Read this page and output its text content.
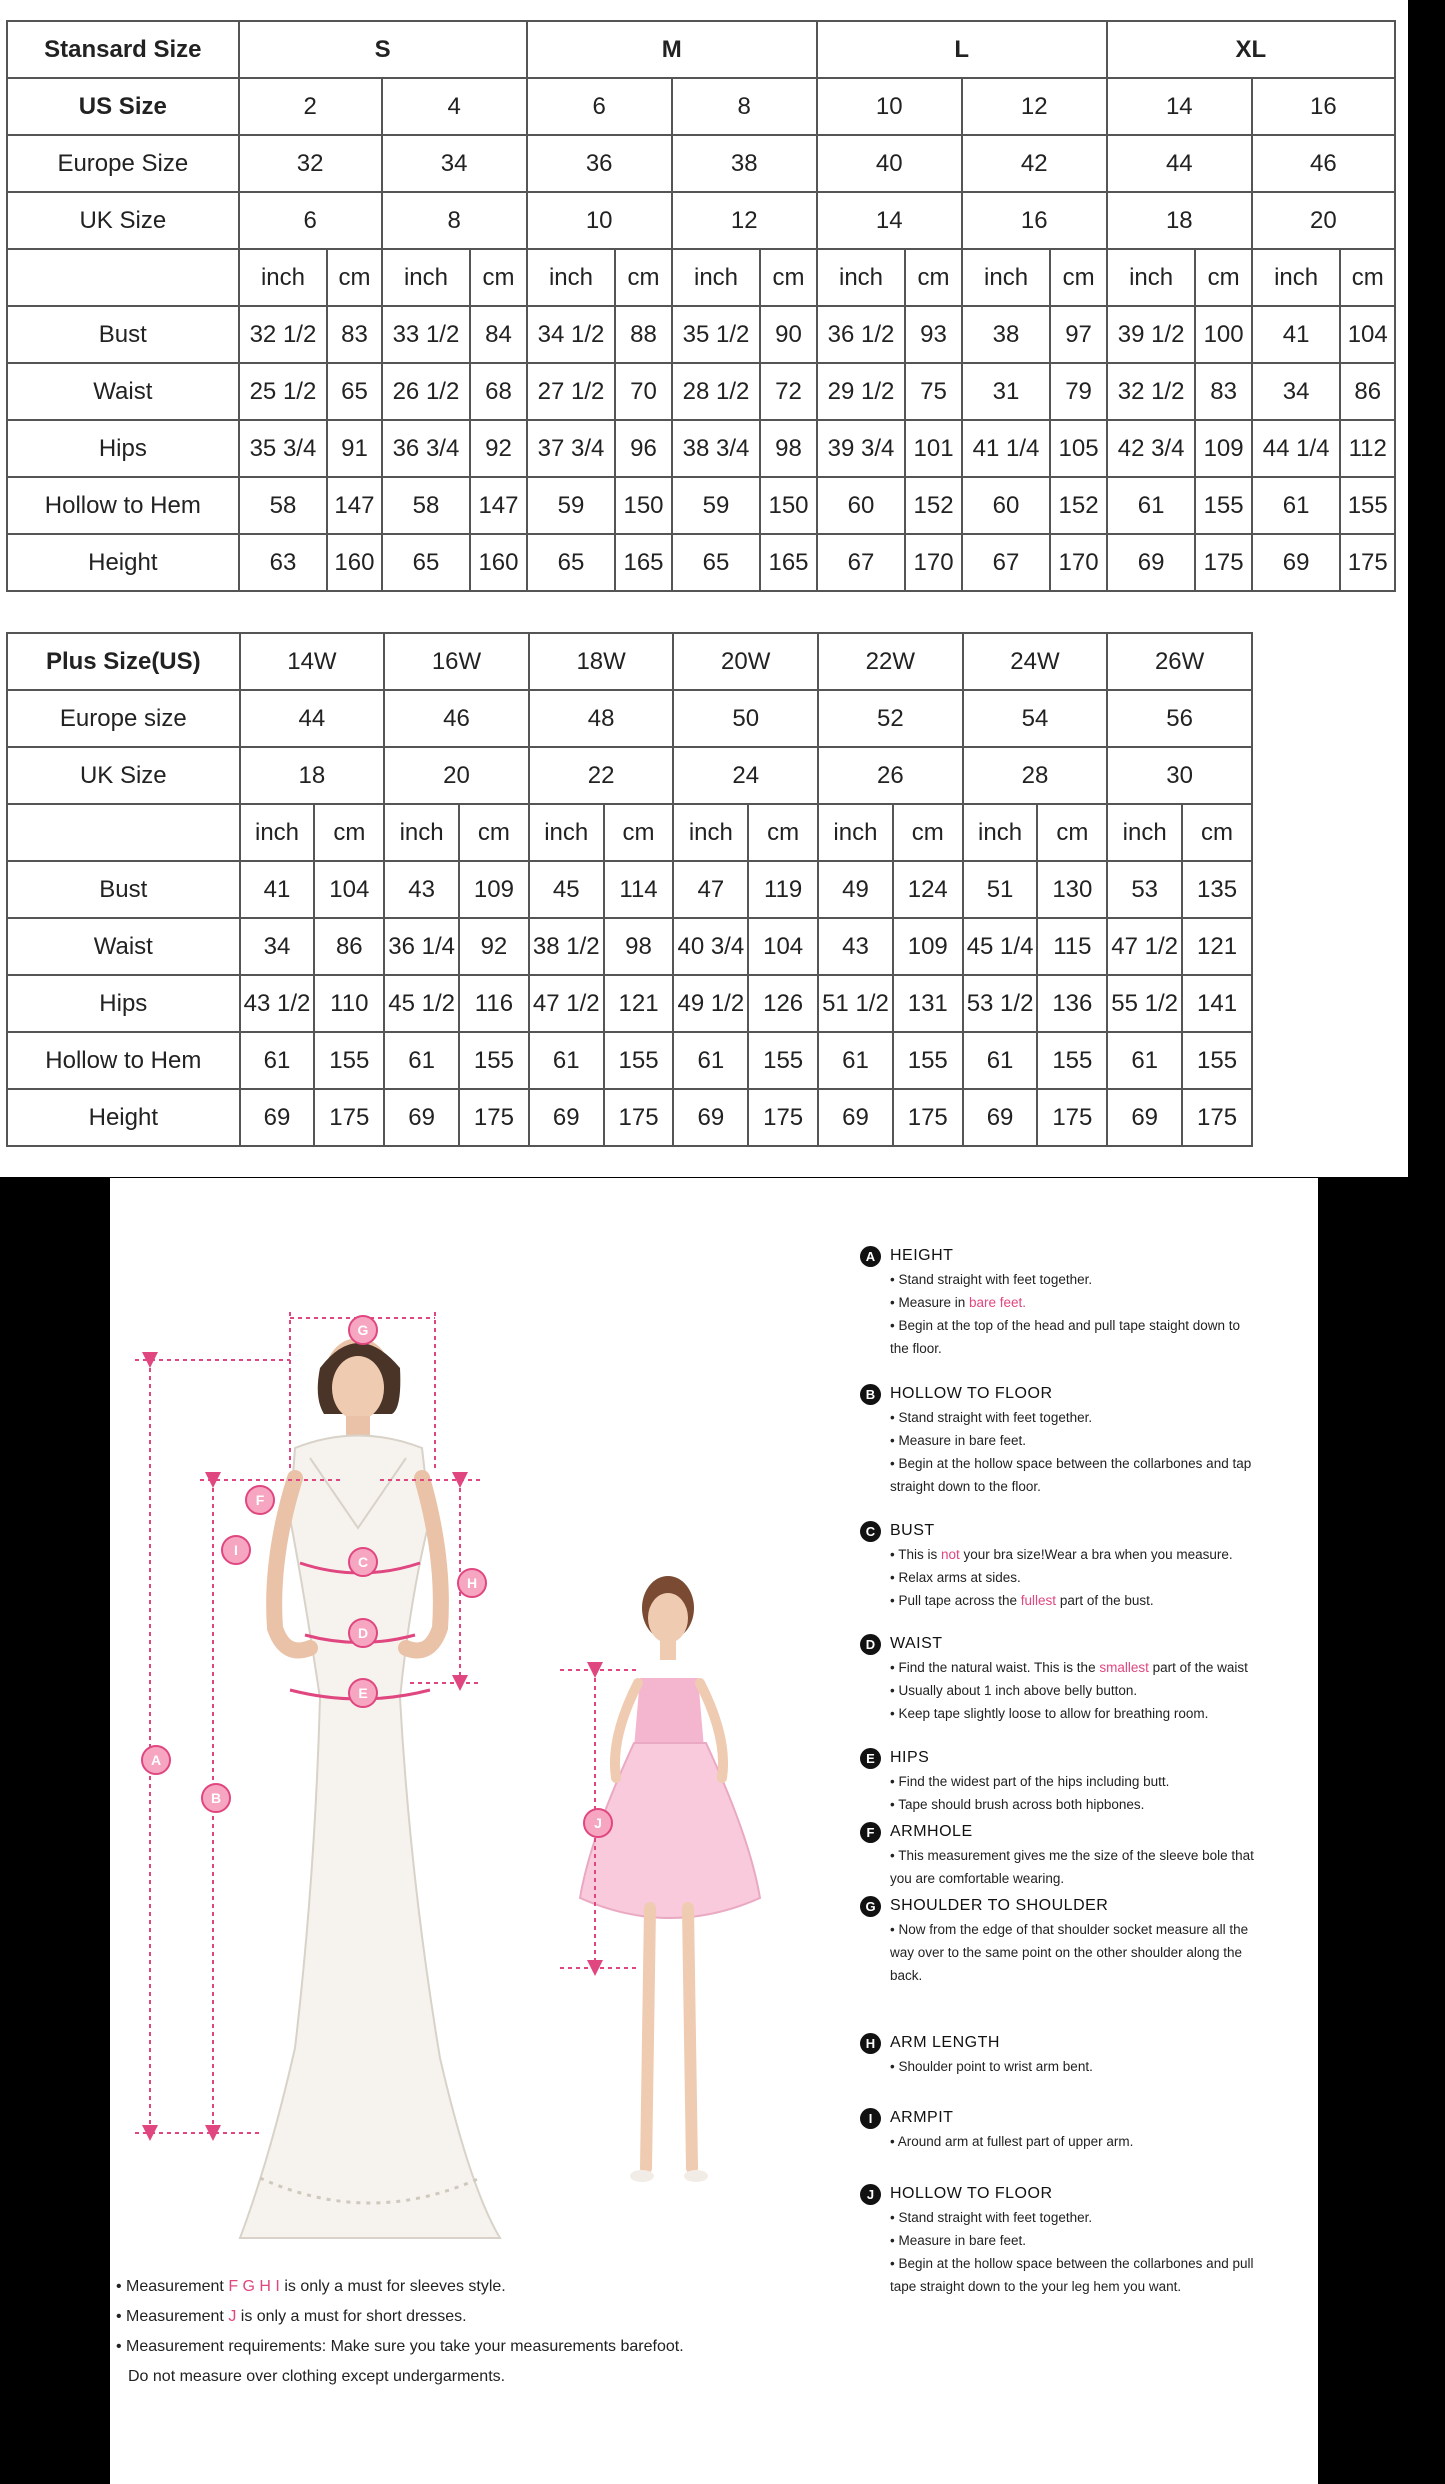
Stansard Size	S				M				L				XL			
US Size	2		4		6		8		10		12		14		16	
Europe Size	32		34		36		38		40		42		44		46	
UK Size	6		8		10		12		14		16		18		20	
	inch	cm	inch	cm	inch	cm	inch	cm	inch	cm	inch	cm	inch	cm	inch	cm
Bust	32 1/2	83	33 1/2	84	34 1/2	88	35 1/2	90	36 1/2	93	38	97	39 1/2	100	41	104
Waist	25 1/2	65	26 1/2	68	27 1/2	70	28 1/2	72	29 1/2	75	31	79	32 1/2	83	34	86
Hips	35 3/4	91	36 3/4	92	37 3/4	96	38 3/4	98	39 3/4	101	41 1/4	105	42 3/4	109	44 1/4	112
Hollow to Hem	58	147	58	147	59	150	59	150	60	152	60	152	61	155	61	155
Height	63	160	65	160	65	165	65	165	67	170	67	170	69	175	69	175
Plus Size(US)	14W		16W		18W		20W		22W		24W		26W	
Europe size	44		46		48		50		52		54		56	
UK Size	18		20		22		24		26		28		30	
	inch	cm	inch	cm	inch	cm	inch	cm	inch	cm	inch	cm	inch	cm
Bust	41	104	43	109	45	114	47	119	49	124	51	130	53	135
Waist	34	86	36 1/4	92	38 1/2	98	40 3/4	104	43	109	45 1/4	115	47 1/2	121
Hips	43 1/2	110	45 1/2	116	47 1/2	121	49 1/2	126	51 1/2	131	53 1/2	136	55 1/2	141
Hollow to Hem	61	155	61	155	61	155	61	155	61	155	61	155	61	155
Height	69	175	69	175	69	175	69	175	69	175	69	175	69	175
G
F
I
C
D
E
H
A
B
J
• Measurement F G H I is only a must for sleeves style.
• Measurement J is only a must for short dresses.
• Measurement requirements: Make sure you take your measurements barefoot.
Do not measure over clothing except undergarments.
A HEIGHT
• Stand straight with feet together.
• Measure in bare feet.
• Begin at the top of the head and pull tape staight down to
the floor.
B HOLLOW TO FLOOR
• Stand straight with feet together.
• Measure in bare feet.
• Begin at the hollow space between the collarbones and tap
straight down to the floor.
C BUST
• This is not your bra size!Wear a bra when you measure.
• Relax arms at sides.
• Pull tape across the fullest part of the bust.
D WAIST
• Find the natural waist. This is the smallest part of the waist
• Usually about 1 inch above belly button.
• Keep tape slightly loose to allow for breathing room.
E HIPS
• Find the widest part of the hips including butt.
• Tape should brush across both hipbones.
F ARMHOLE
• This measurement gives me the size of the sleeve bole that
you are comfortable wearing.
G SHOULDER TO SHOULDER
• Now from the edge of that shoulder socket measure all the
way over to the same point on the other shoulder along the
back.
H ARM LENGTH
• Shoulder point to wrist arm bent.
I	ARMPIT
• Around arm at fullest part of upper arm.
J HOLLOW TO FLOOR
• Stand straight with feet together.
• Measure in bare feet.
• Begin at the hollow space between the collarbones and pull
tape straight down to the your leg hem you want.
